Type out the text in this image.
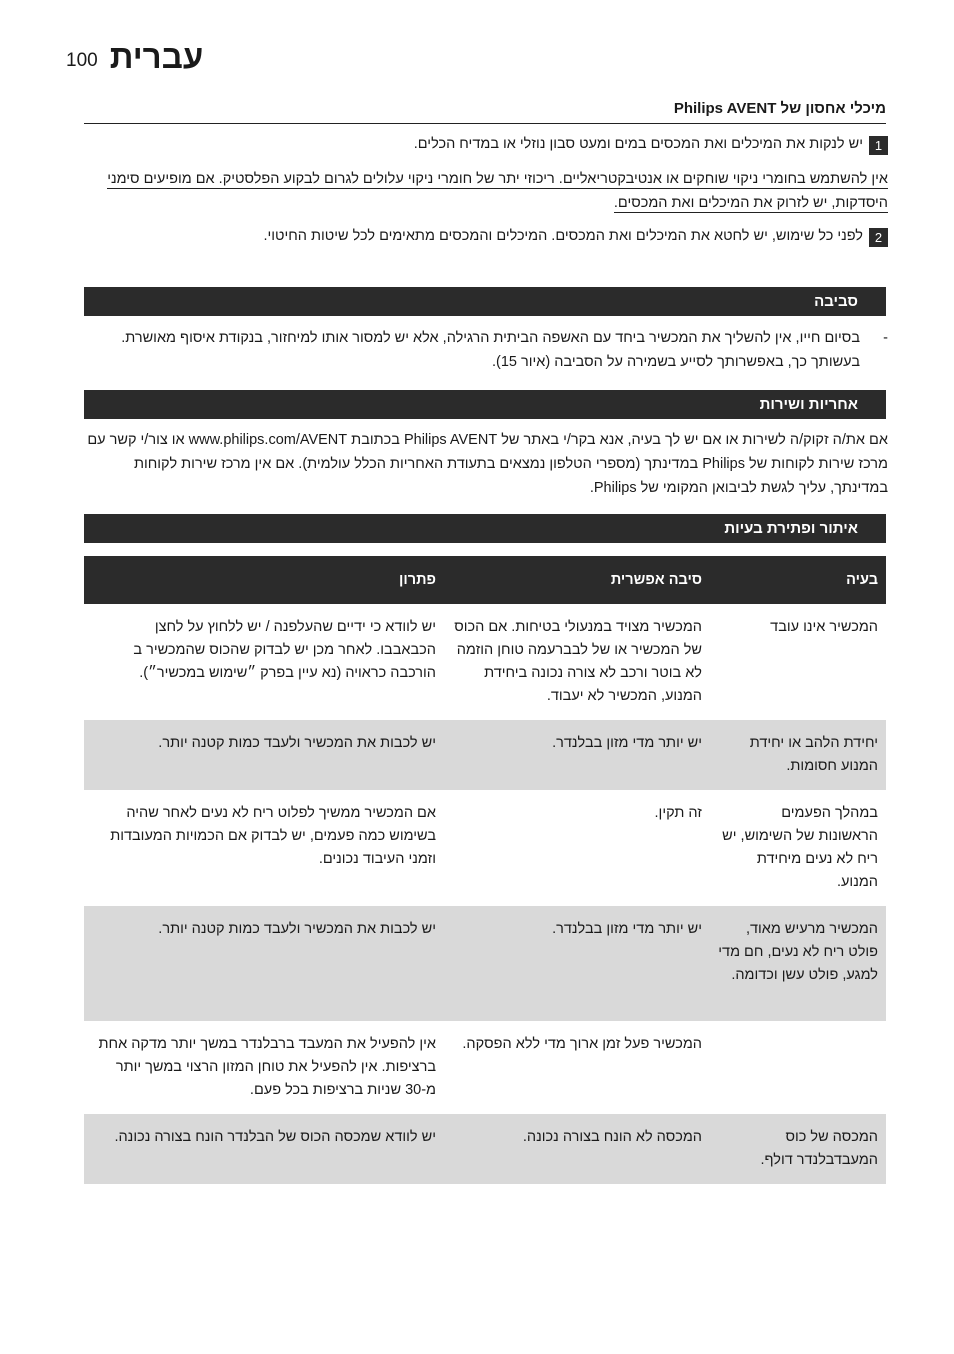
100 עברית
מיכלי אחסון של Philips AVENT
1יש לנקות את המיכלים ואת המכסים במים ומעט סבון נוזלי או במדיח הכלים.
אין להשתמש בחומרי ניקוי שוחקים או אנטיבקטריאליים. ריכוזי יתר של חומרי ניקוי עלולים לגרום לבקוע הפלסטיק. אם מופיעים סימני היסדקות, יש לזרוק את המיכלים ואת המכסים.
2לפני כל שימוש, יש לחטא את המיכלים ואת המכסים. המיכלים והמכסים מתאימים לכל שיטות החיטוי.
סביבה
-
בסיום חייו, אין להשליך את המכשיר ביחד עם האשפה הביתית הרגילה, אלא יש למסור אותו למיחזור, בנקודת איסוף מאושרת. בעשותך כך, באפשרותך לסייע בשמירה על הסביבה (איור 15).
אחריות ושירות
אם את/ה זקוק/ה לשירות או אם יש לך בעיה, אנא בקר/י באתר של Philips AVENT בכתובת www.philips.com/AVENT או צור/י קשר עם מרכז שירות לקוחות של Philips במדינתך (מספרי הטלפון נמצאים בתעודת האחריות הכלל עולמית). אם אין מרכז שירות לקוחות במדינתך, עליך לגשת לביבואן המקומי של Philips.
איתור ופתירת בעיות
בעיה	סיבה אפשרית	פתרון
המכשיר אינו עובד	המכשיר מצויד במנעולי בטיחות. אם הכוס של המכשיר או של לבברעמה טוחן הוזמה לא בוטר ורכב לא צורה נכונה ביחידת המנוע, המכשיר לא יעבוד.	יש לוודא כי ידיים שהעלפנה / יש ללחוץ על לחצן הכבאבבו. לאחר מכן יש לבדוק שהכוס שהמכשיר ב הורכבה כראויה (נא עיין בפרק ״שימוש במכשיר״).
יחידת הלהב או יחידת המנוע חסומות.	יש יותר מדי מזון בבלנדר.	יש לכבות את המכשיר ולעבד כמות קטנה יותר.
במהלך הפעמים הראשונות של השימוש, יש ריח לא נעים מיחידת המנוע.	זה תקין.	אם המכשיר ממשיך לפלוט ריח לא נעים לאחר שהיה בשימוש כמה פעמים, יש לבדוק אם הכמויות המעובדות וזמני העיבוד נכונים.
המכשיר מרעיש מאוד, פולט ריח לא נעים, חם מדי למגע, פולט עשן וכדומה.	יש יותר מדי מזון בבלנדר.	יש לכבות את המכשיר ולעבד כמות קטנה יותר.
	המכשיר פעל זמן ארוך מדי ללא הפסקה.	אין להפעיל את המעבד ברבלנדר במשך יותר מדקה אחת ברציפות. אין להפעיל את טוחן המזון הרצוי במשך יותר מ-30 שניות ברציפות בכל פעם.
המכסה של כוס המעבדבלנדר דולף.	המכסה לא הונח בצורה נכונה.	יש לוודא שמכסה הכוס של הבלנדר הונח בצורה נכונה.
